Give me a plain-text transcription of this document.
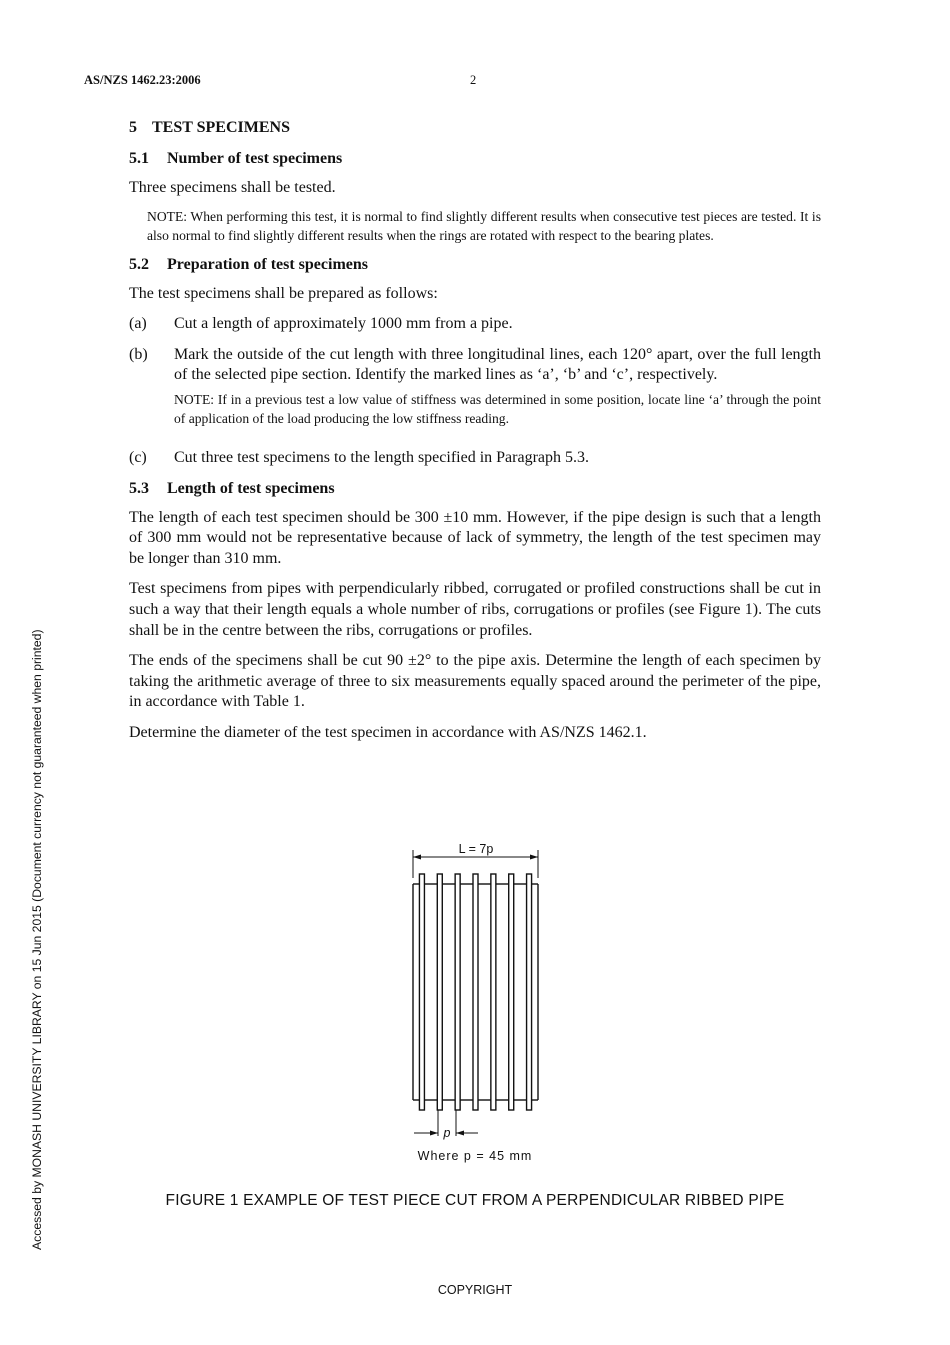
AS/NZS 1462.23:2006	2
5 TEST SPECIMENS
5.1 Number of test specimens
Three specimens shall be tested.
NOTE: When performing this test, it is normal to find slightly different results when consecutive test pieces are tested. It is also normal to find slightly different results when the rings are rotated with respect to the bearing plates.
5.2 Preparation of test specimens
The test specimens shall be prepared as follows:
(a)	Cut a length of approximately 1000 mm from a pipe.
(b)	Mark the outside of the cut length with three longitudinal lines, each 120° apart, over the full length of the selected pipe section. Identify the marked lines as ‘a’, ‘b’ and ‘c’, respectively.
NOTE: If in a previous test a low value of stiffness was determined in some position, locate line ‘a’ through the point of application of the load producing the low stiffness reading.
(c)	Cut three test specimens to the length specified in Paragraph 5.3.
5.3 Length of test specimens
The length of each test specimen should be 300 ±10 mm. However, if the pipe design is such that a length of 300 mm would not be representative because of lack of symmetry, the length of the test specimen may be longer than 310 mm.
Test specimens from pipes with perpendicularly ribbed, corrugated or profiled constructions shall be cut in such a way that their length equals a whole number of ribs, corrugations or profiles (see Figure 1). The cuts shall be in the centre between the ribs, corrugations or profiles.
The ends of the specimens shall be cut 90 ±2° to the pipe axis. Determine the length of each specimen by taking the arithmetic average of three to six measurements equally spaced around the perimeter of the pipe, in accordance with Table 1.
Determine the diameter of the test specimen in accordance with AS/NZS 1462.1.
L = 7p
p
Where p = 45 mm
FIGURE 1 EXAMPLE OF TEST PIECE CUT FROM A PERPENDICULAR RIBBED PIPE
COPYRIGHT
Accessed by MONASH UNIVERSITY LIBRARY on 15 Jun 2015 (Document currency not guaranteed when printed)
